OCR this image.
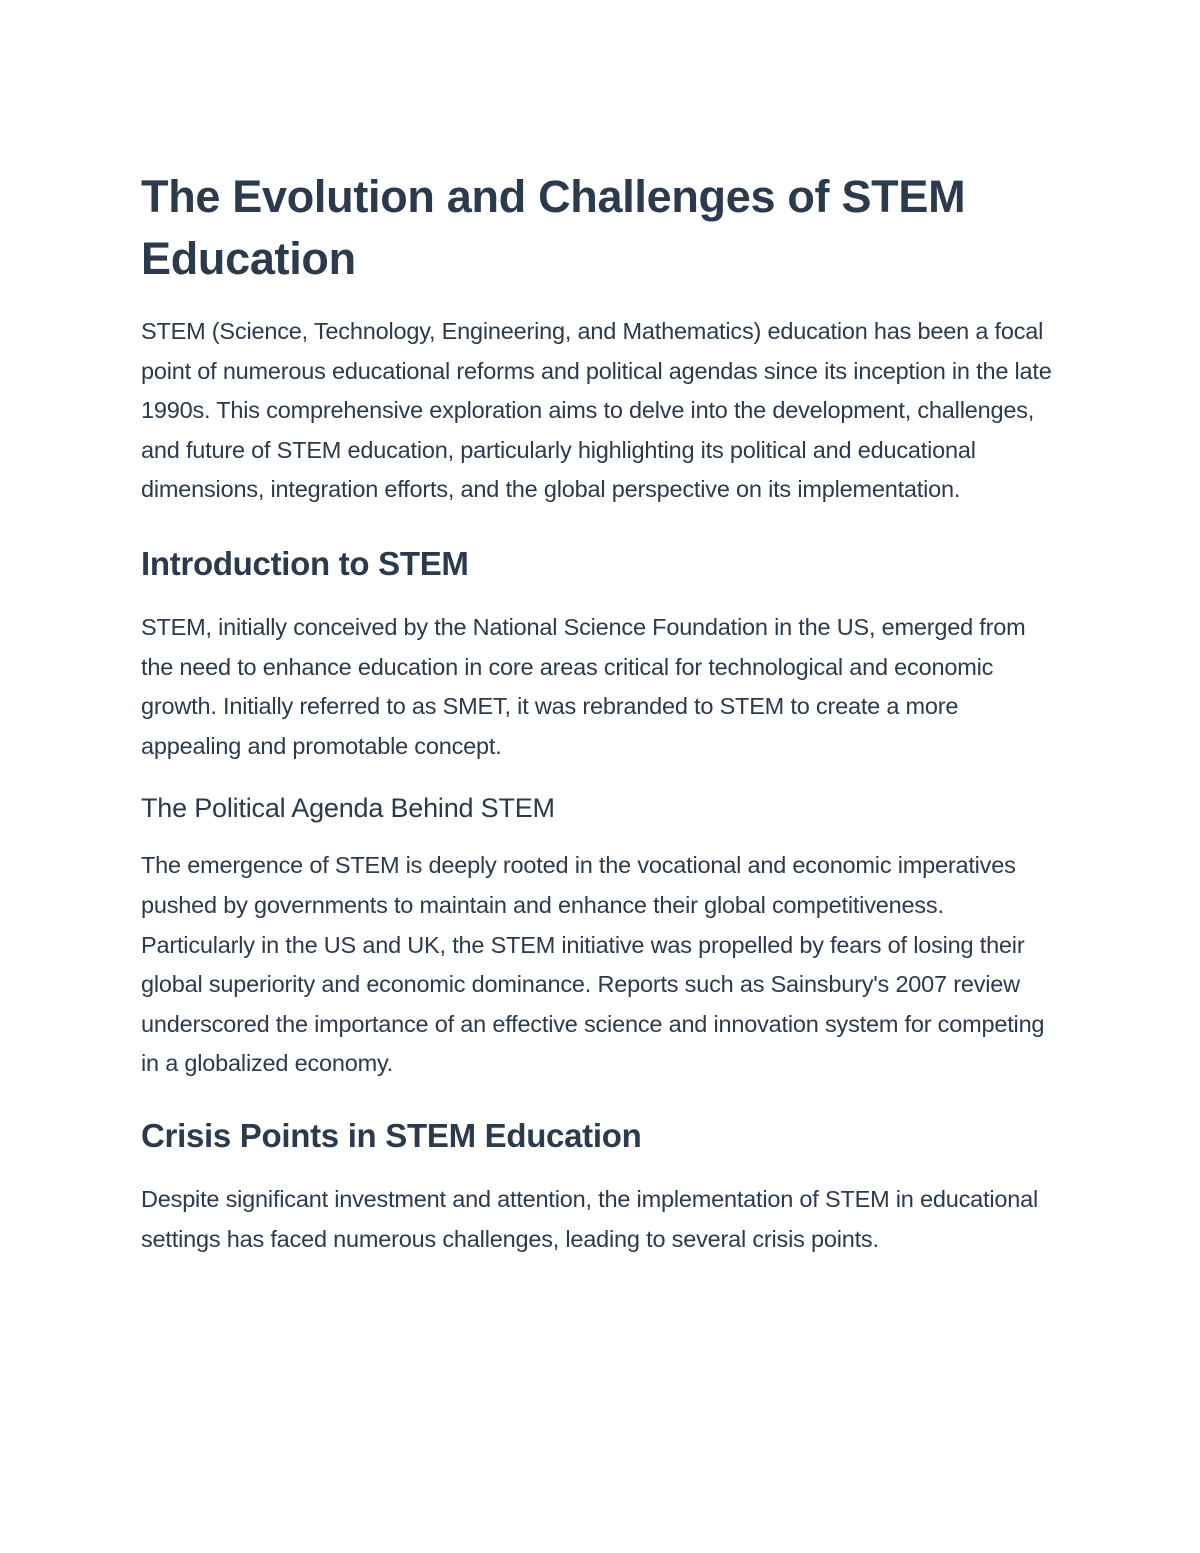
The Evolution and Challenges of STEM Education

STEM (Science, Technology, Engineering, and Mathematics) education has been a focal point of numerous educational reforms and political agendas since its inception in the late 1990s. This comprehensive exploration aims to delve into the development, challenges, and future of STEM education, particularly highlighting its political and educational dimensions, integration efforts, and the global perspective on its implementation.

Introduction to STEM

STEM, initially conceived by the National Science Foundation in the US, emerged from the need to enhance education in core areas critical for technological and economic growth. Initially referred to as SMET, it was rebranded to STEM to create a more appealing and promotable concept.

The Political Agenda Behind STEM

The emergence of STEM is deeply rooted in the vocational and economic imperatives pushed by governments to maintain and enhance their global competitiveness. Particularly in the US and UK, the STEM initiative was propelled by fears of losing their global superiority and economic dominance. Reports such as Sainsbury's 2007 review underscored the importance of an effective science and innovation system for competing in a globalized economy.

Crisis Points in STEM Education

Despite significant investment and attention, the implementation of STEM in educational settings has faced numerous challenges, leading to several crisis points.
